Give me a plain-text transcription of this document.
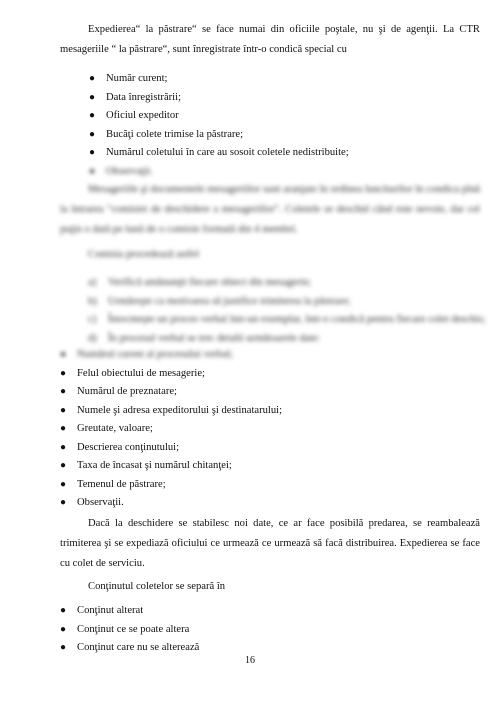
Expedierea“ la păstrare“ se face numai din oficiile poştale, nu şi de agenţii. La CTR mesageriile “ la păstrare“, sunt înregistrate într-o condică special cu

● Număr curent;
● Data înregistrării;
● Oficiul expeditor
● Bucăţi colete trimise la păstrare;
● Numărul coletului în care au sosoit coletele nedistribuite;
● Observaţii.

Mesageriile şi documentele mesageriilor sunt aranjate în ordinea lunciturilor în condica pînă la întrarea "comisiei de deschidere a mesageriilor". Coletele se deschid când este nevoie, dar cel puţin o dată pe lună de o comisie formată din 4 membri.

Comisia procedează astfel

a) Verifică amănunţit fiecare obiect din mesagerie;
b) Urmăreşte ca motivarea să justifice trimiterea la păstrare;
c) Întocmeşte un proces verbal într-un exemplar, într-o condică pentru fiecare colet deschis;
d) În procesul verbal se trec detalii următoarele date:
● Numărul curent al procesului verbal;
● Felul obiectului de mesagerie;
● Numărul de preznatare;
● Numele şi adresa expeditorului şi destinatarului;
● Greutate, valoare;
● Descrierea conţinutului;
● Taxa de încasat şi numărul chitanţei;
● Temenul de păstrare;
● Observaţii.

Dacă la deschidere se stabilesc noi date, ce ar face posibilă predarea, se reambalează trimiterea şi se expediază oficiului ce urmează ce urmează să facă distribuirea. Expedierea se face cu colet de serviciu.

Conţinutul coletelor se separă în

● Conţinut alterat
● Conţinut ce se poate altera
● Conţinut care nu se alterează
16
